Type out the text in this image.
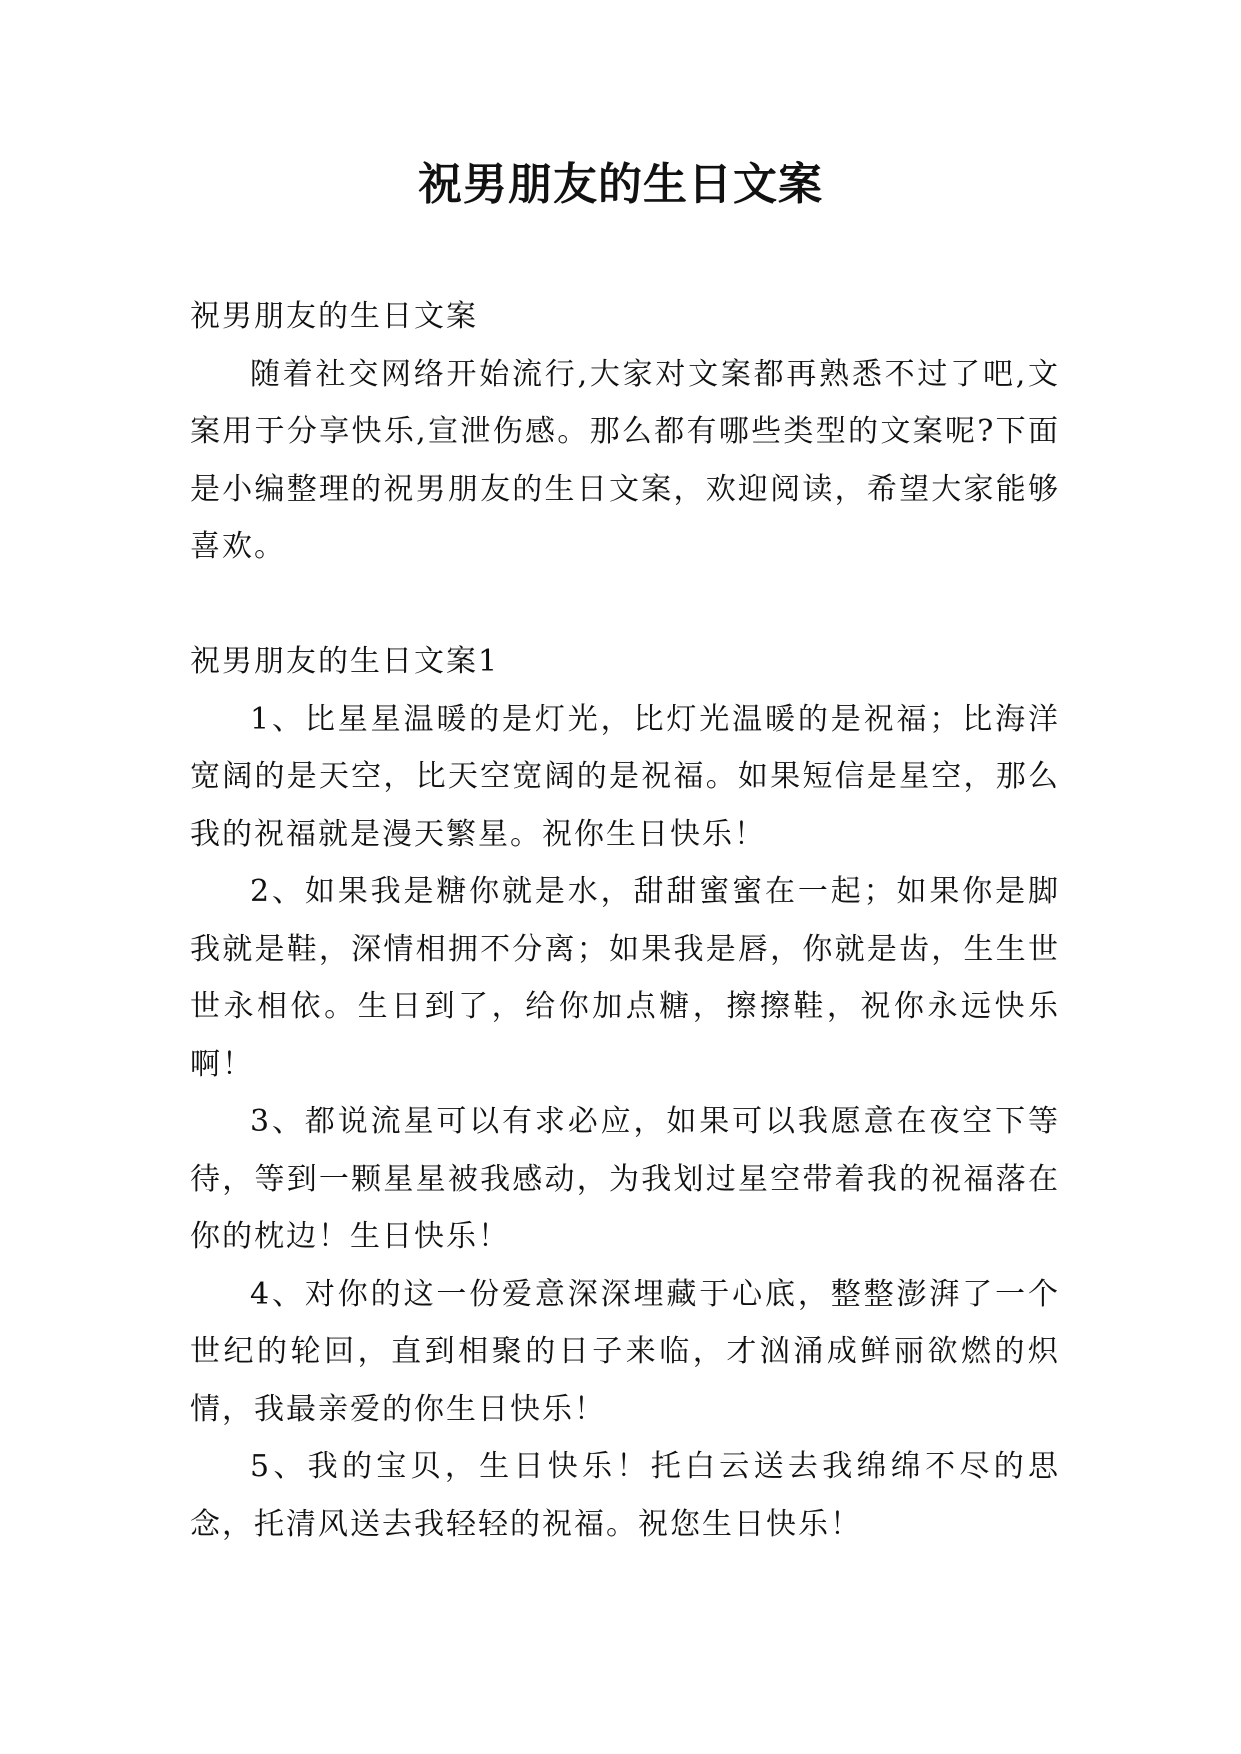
祝男朋友的生日文案

祝男朋友的生日文案

随着社交网络开始流行,大家对文案都再熟悉不过了吧,文案用于分享快乐,宣泄伤感。那么都有哪些类型的文案呢?下面是小编整理的祝男朋友的生日文案，欢迎阅读，希望大家能够喜欢。

祝男朋友的生日文案1

1、比星星温暖的是灯光，比灯光温暖的是祝福；比海洋宽阔的是天空，比天空宽阔的是祝福。如果短信是星空，那么我的祝福就是漫天繁星。祝你生日快乐！

2、如果我是糖你就是水，甜甜蜜蜜在一起；如果你是脚我就是鞋，深情相拥不分离；如果我是唇，你就是齿，生生世世永相依。生日到了，给你加点糖，擦擦鞋，祝你永远快乐啊！

3、都说流星可以有求必应，如果可以我愿意在夜空下等待，等到一颗星星被我感动，为我划过星空带着我的祝福落在你的枕边！生日快乐！

4、对你的这一份爱意深深埋藏于心底，整整澎湃了一个世纪的轮回，直到相聚的日子来临，才汹涌成鲜丽欲燃的炽情，我最亲爱的你生日快乐！

5、我的宝贝，生日快乐！托白云送去我绵绵不尽的思念，托清风送去我轻轻的祝福。祝您生日快乐！
